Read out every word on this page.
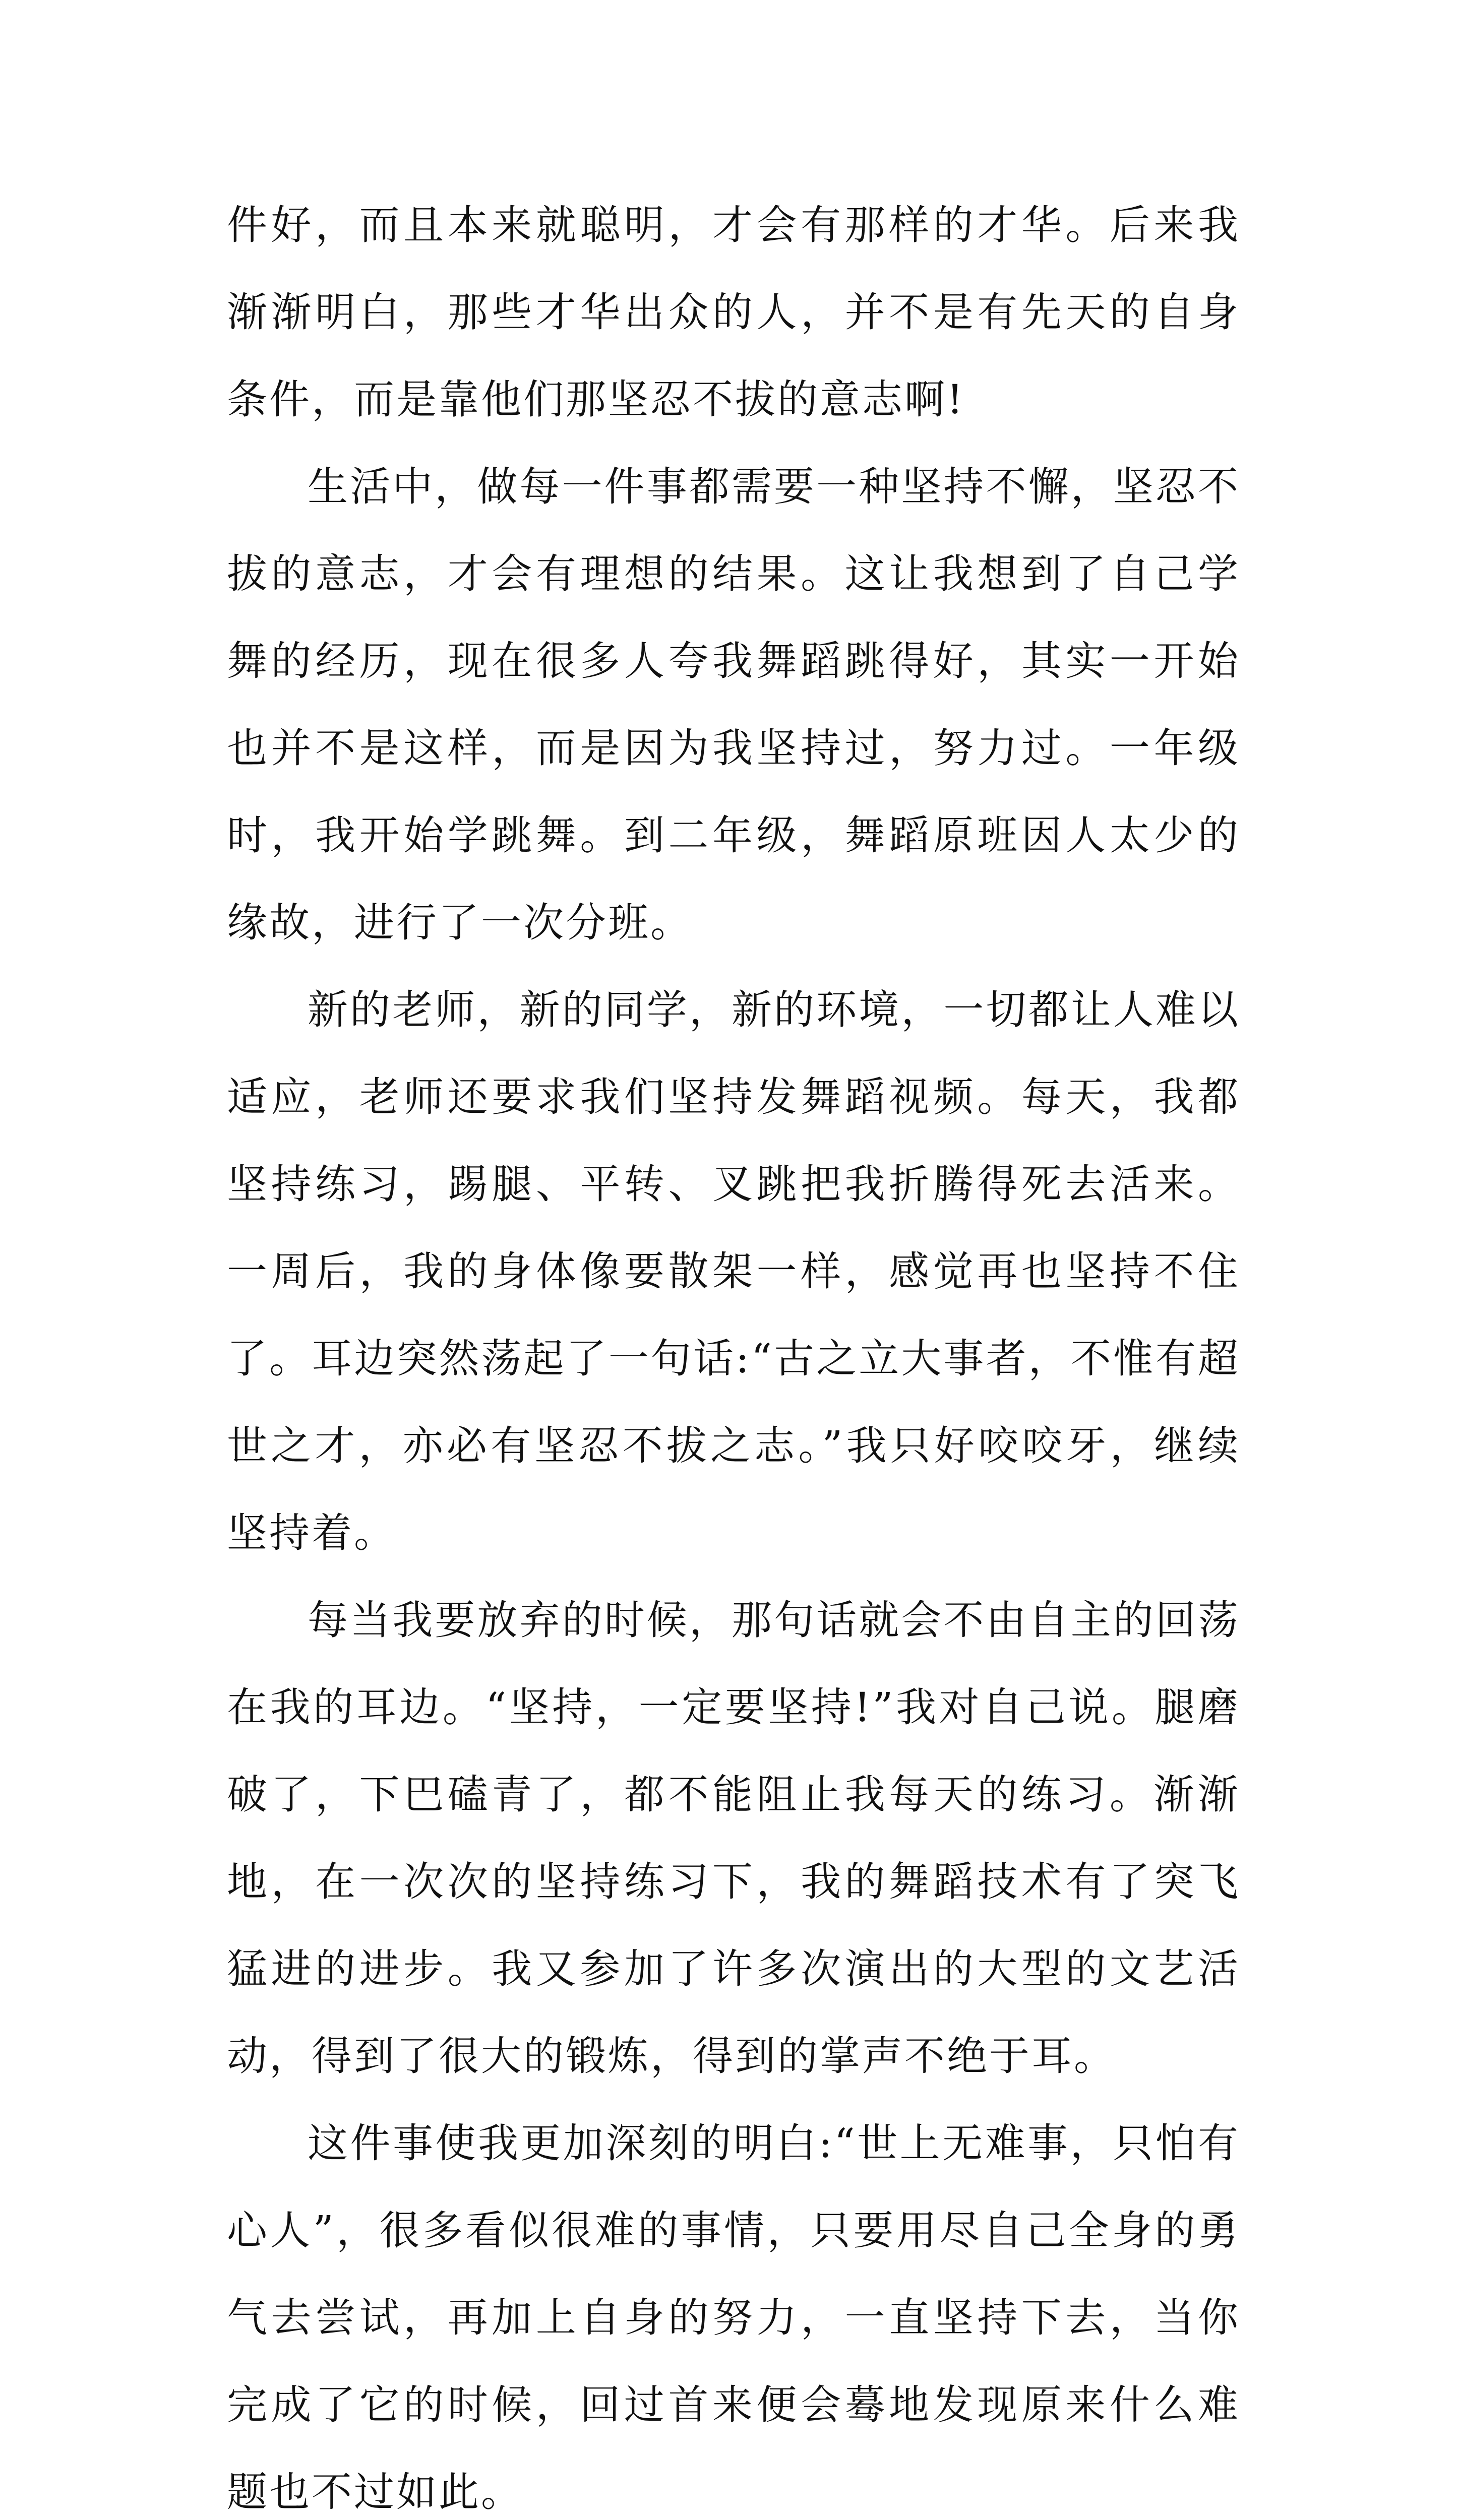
件好，而且本来就聪明，才会有那样的才华。后来我渐渐明白，那些才华出众的人，并不是有先天的自身条件，而是靠他们那坚忍不拔的意志啊!

生活中，做每一件事都需要一种坚持不懈，坚忍不拔的意志，才会有理想的结果。这让我想到了自己学舞的经历，现在很多人夸我舞蹈跳得好，其实一开始也并不是这样，而是因为我坚持过，努力过。一年级时，我开始学跳舞。到二年级，舞蹈原班因人太少的缘故，进行了一次分班。

新的老师，新的同学，新的环境，一切都让人难以适应，老师还要求我们坚持发舞蹈视频。每天，我都坚持练习，踢腿、平转、叉跳把我折腾得死去活来。一周后，我的身体像要散架一样，感觉再也坚持不住了。耳边突然荡起了一句话:“古之立大事者，不惟有超世之才，亦必有坚忍不拔之志。”我只好咬咬牙，继续坚持着。

每当我要放弃的时候，那句话就会不由自主的回荡在我的耳边。“坚持，一定要坚持!”我对自己说。腿磨破了，下巴磕青了，都不能阻止我每天的练习。渐渐地，在一次次的坚持练习下，我的舞蹈技术有了突飞猛进的进步。我又参加了许多次演出的大型的文艺活动，得到了很大的锻炼，得到的掌声不绝于耳。

这件事使我更加深刻的明白:“世上无难事，只怕有心人”，很多看似很难的事情，只要用尽自己全身的勇气去尝试，再加上自身的努力，一直坚持下去，当你完成了它的时候，回过首来便会蓦地发现原来什么难题也不过如此。
